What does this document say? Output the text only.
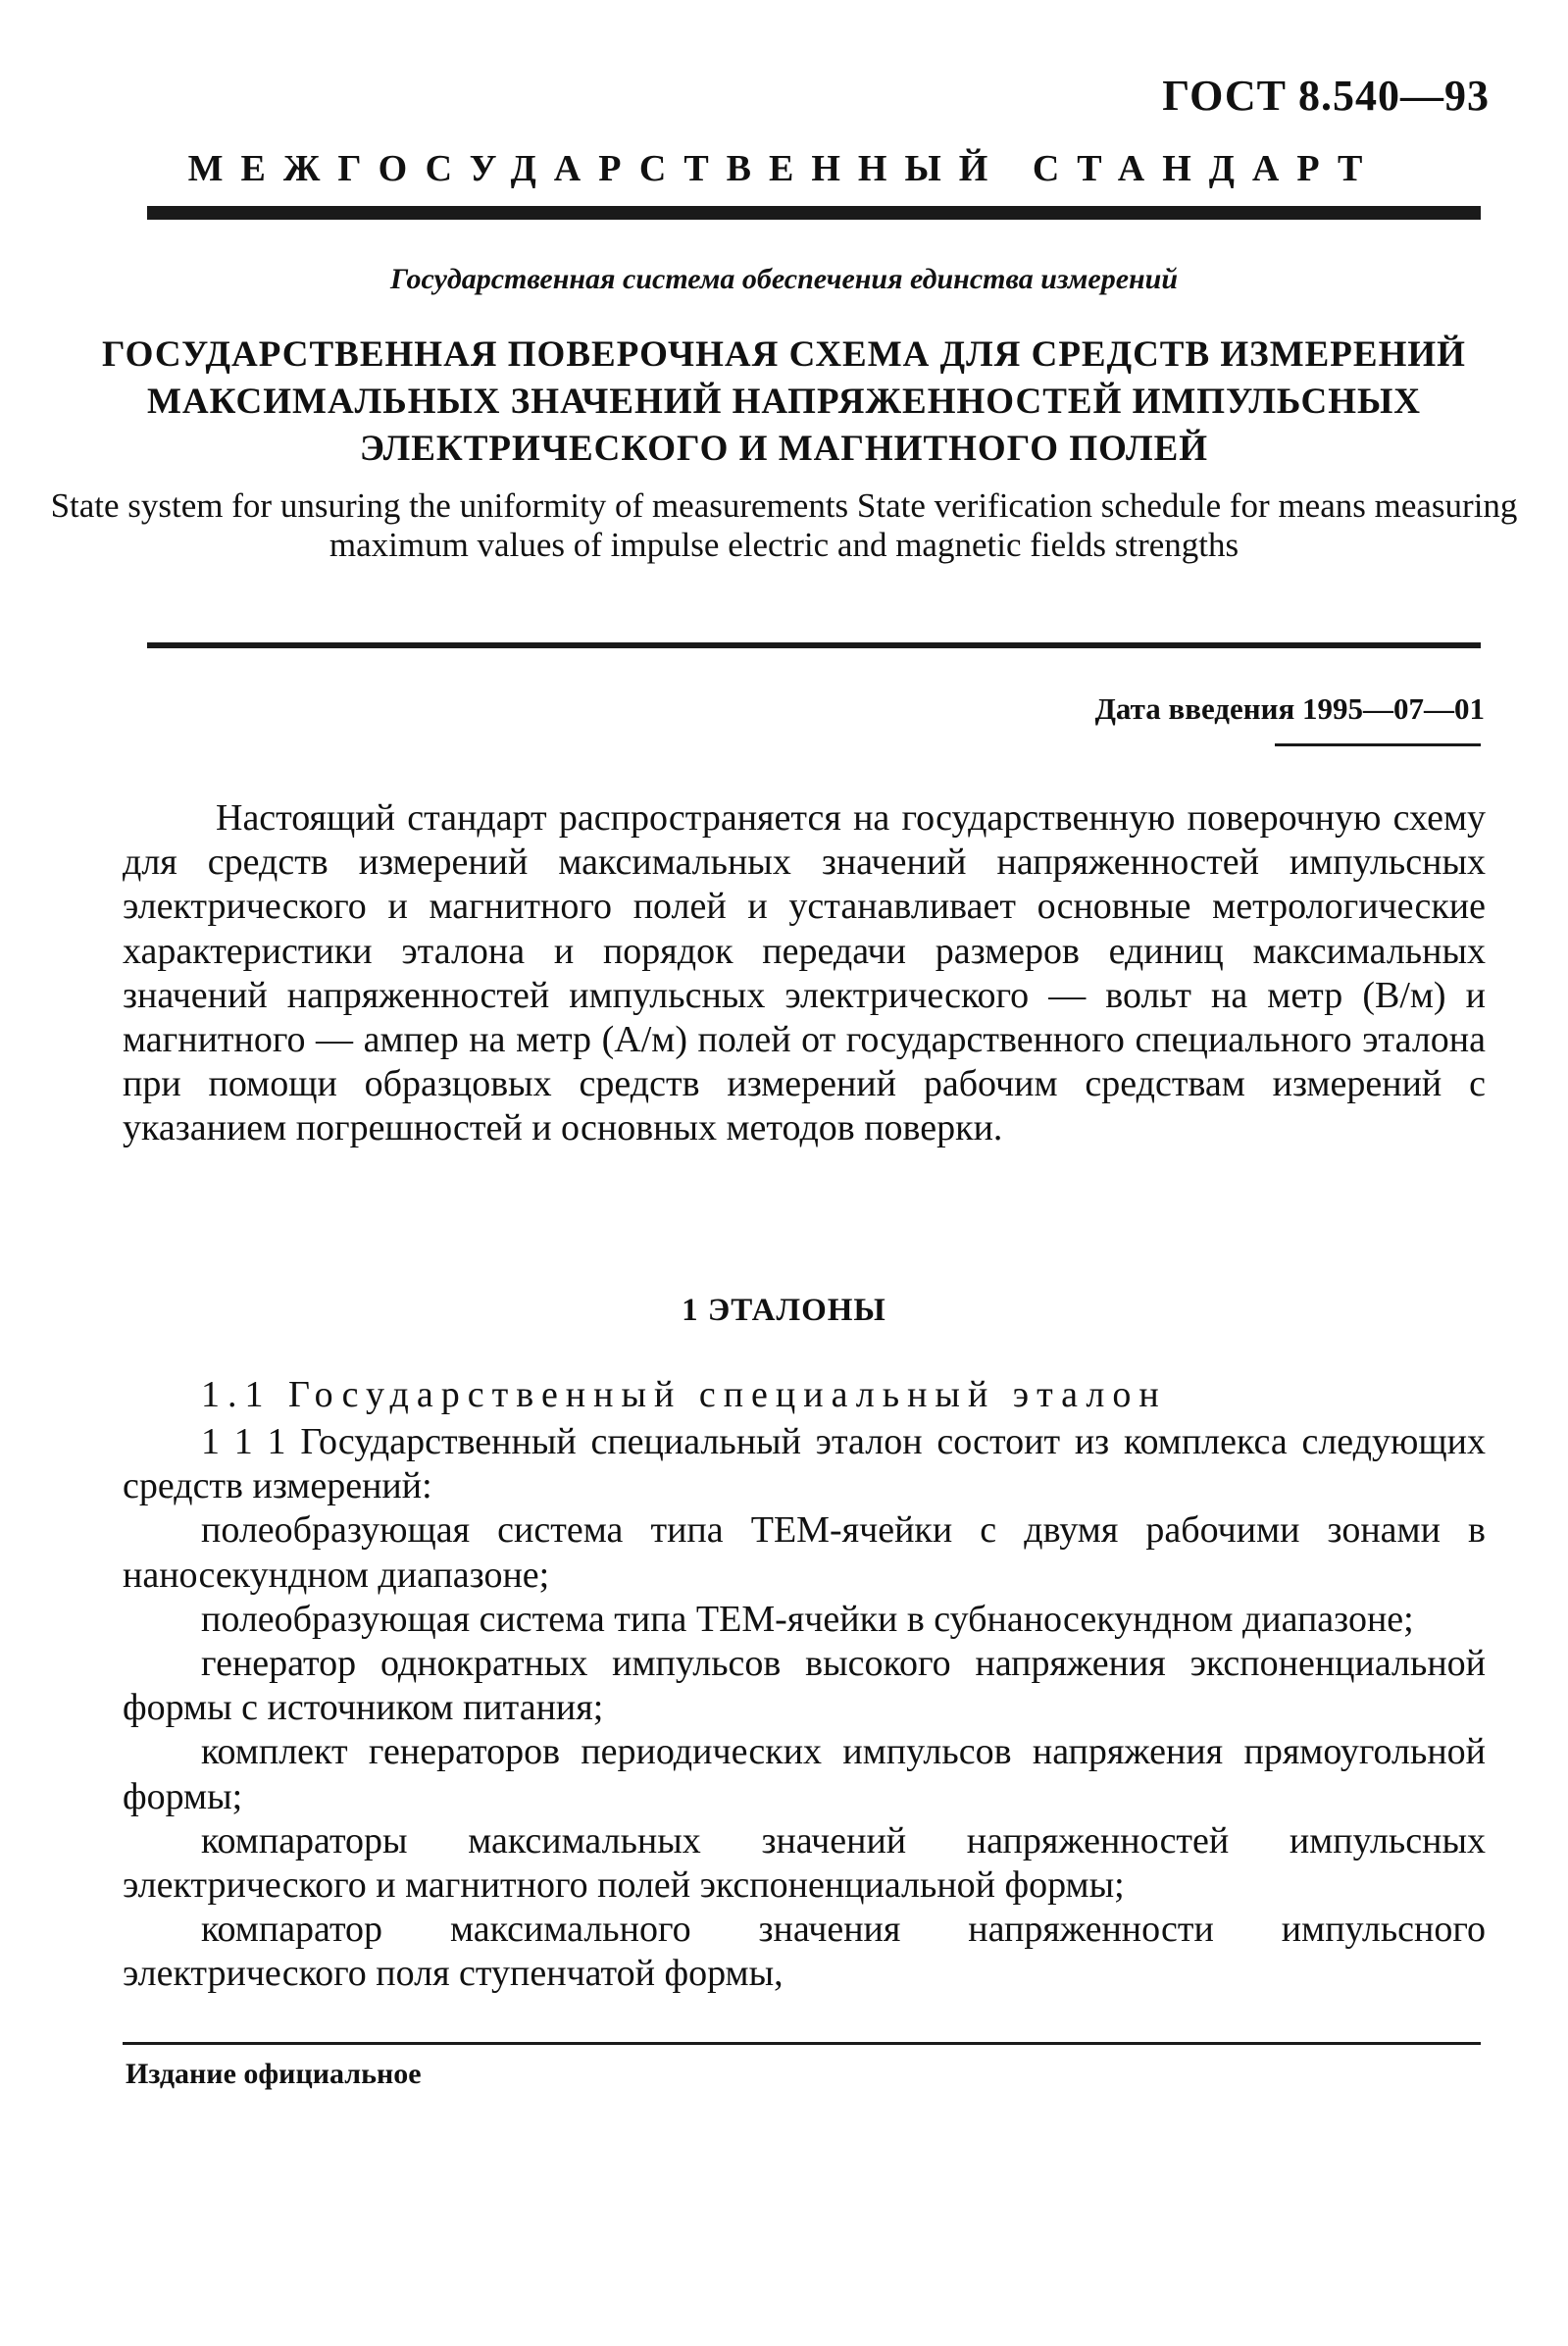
ГОСТ 8.540—93
МЕЖГОСУДАРСТВЕННЫЙ СТАНДАРТ
Государственная система обеспечения единства измерений
ГОСУДАРСТВЕННАЯ ПОВЕРОЧНАЯ СХЕМА ДЛЯ СРЕДСТВ ИЗМЕРЕНИЙ МАКСИМАЛЬНЫХ ЗНАЧЕНИЙ НАПРЯЖЕННОСТЕЙ ИМПУЛЬСНЫХ ЭЛЕКТРИЧЕСКОГО И МАГНИТНОГО ПОЛЕЙ
State system for unsuring the uniformity of measurements State verification schedule for means measuring maximum values of impulse electric and magnetic fields strengths
Дата введения 1995—07—01
Настоящий стандарт распространяется на государственную поверочную схему для средств измерений максимальных значений напряженностей импульсных электрического и магнитного полей и устанавливает основные метрологические характеристики эталона и порядок передачи размеров единиц максимальных значений напряженностей импульсных электрического — вольт на метр (В/м) и магнитного — ампер на метр (А/м) полей от государственного специального эталона при помощи образцовых средств измерений рабочим средствам измерений с указанием погрешностей и основных методов поверки.
1 ЭТАЛОНЫ
1.1 Государственный специальный эталон

1 1 1 Государственный специальный эталон состоит из комплекса следующих средств измерений:

полеобразующая система типа ТЕМ-ячейки с двумя рабочими зонами в наносекундном диапазоне;

полеобразующая система типа ТЕМ-ячейки в субнаносекундном диапазоне;

генератор однократных импульсов высокого напряжения экспоненциальной формы с источником питания;

комплект генераторов периодических импульсов напряжения прямоугольной формы;

компараторы максимальных значений напряженностей импульсных электрического и магнитного полей экспоненциальной формы;

компаратор максимального значения напряженности импульсного электрического поля ступенчатой формы,

Издание официальное
